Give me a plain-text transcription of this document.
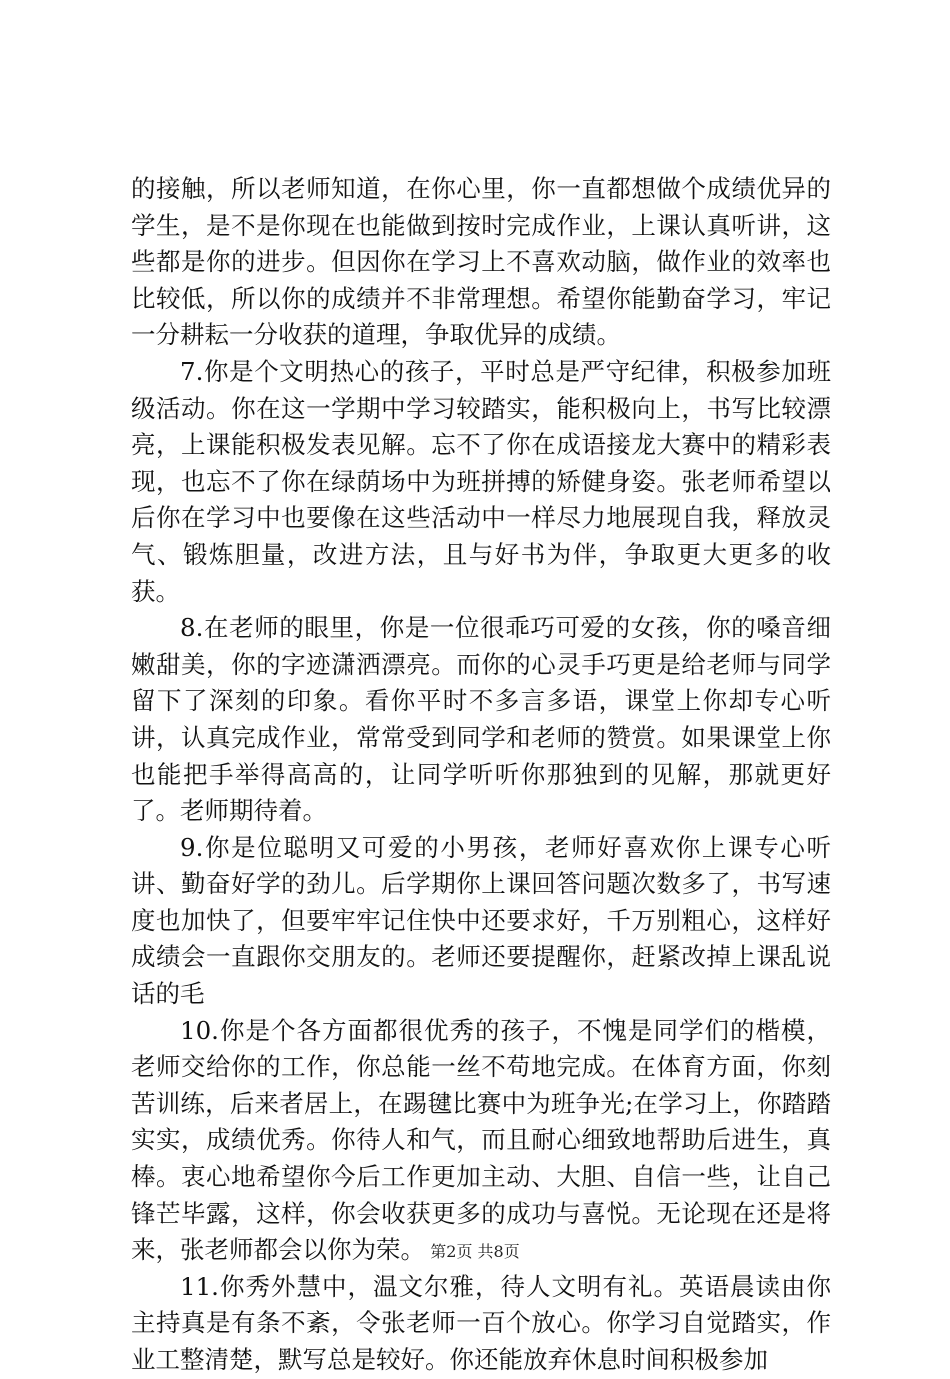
的接触，所以老师知道，在你心里，你一直都想做个成绩优异的学生，是不是你现在也能做到按时完成作业，上课认真听讲，这些都是你的进步。但因你在学习上不喜欢动脑，做作业的效率也比较低，所以你的成绩并不非常理想。希望你能勤奋学习，牢记一分耕耘一分收获的道理，争取优异的成绩。

7.你是个文明热心的孩子，平时总是严守纪律，积极参加班级活动。你在这一学期中学习较踏实，能积极向上，书写比较漂亮，上课能积极发表见解。忘不了你在成语接龙大赛中的精彩表现，也忘不了你在绿荫场中为班拼搏的矫健身姿。张老师希望以后你在学习中也要像在这些活动中一样尽力地展现自我，释放灵气、锻炼胆量，改进方法，且与好书为伴，争取更大更多的收获。

8.在老师的眼里，你是一位很乖巧可爱的女孩，你的嗓音细嫩甜美，你的字迹潇洒漂亮。而你的心灵手巧更是给老师与同学留下了深刻的印象。看你平时不多言多语，课堂上你却专心听讲，认真完成作业，常常受到同学和老师的赞赏。如果课堂上你也能把手举得高高的，让同学听听你那独到的见解，那就更好了。老师期待着。

9.你是位聪明又可爱的小男孩，老师好喜欢你上课专心听讲、勤奋好学的劲儿。后学期你上课回答问题次数多了，书写速度也加快了，但要牢牢记住快中还要求好，千万别粗心，这样好成绩会一直跟你交朋友的。老师还要提醒你，赶紧改掉上课乱说话的毛

10.你是个各方面都很优秀的孩子，不愧是同学们的楷模，老师交给你的工作，你总能一丝不苟地完成。在体育方面，你刻苦训练，后来者居上，在踢毽比赛中为班争光;在学习上，你踏踏实实，成绩优秀。你待人和气，而且耐心细致地帮助后进生，真棒。衷心地希望你今后工作更加主动、大胆、自信一些，让自己锋芒毕露，这样，你会收获更多的成功与喜悦。无论现在还是将来，张老师都会以你为荣。

11.你秀外慧中，温文尔雅，待人文明有礼。英语晨读由你主持真是有条不紊，令张老师一百个放心。你学习自觉踏实，作业工整清楚，默写总是较好。你还能放弃休息时间积极参加

第2页 共8页
